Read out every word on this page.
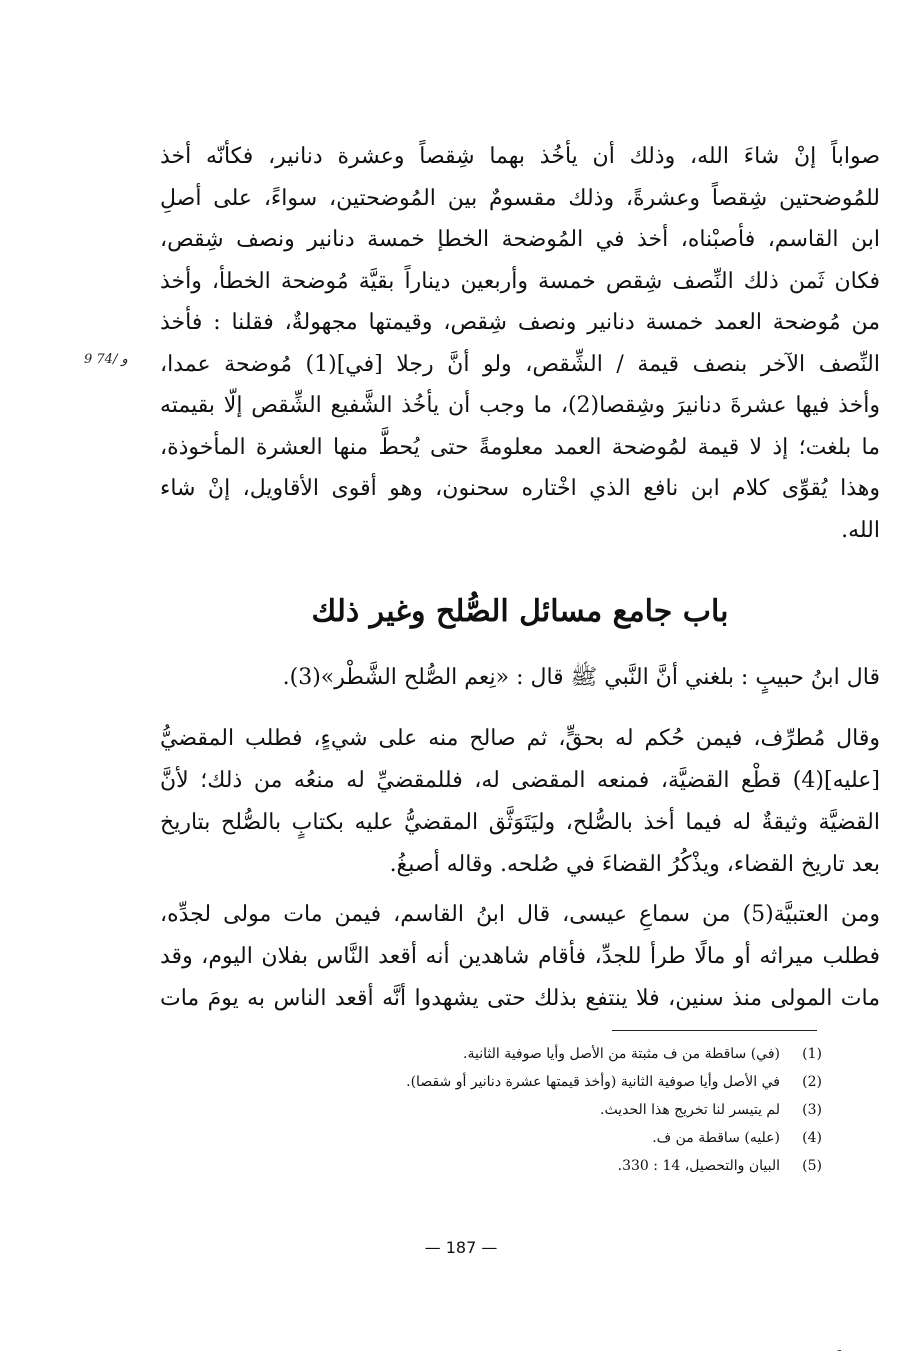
صواباً إنْ شاءَ الله، وذلك أن يأخُذ بهما شِقصاً وعشرة دنانير، فكأنّه أخذ
للمُوضحتين شِقصاً وعشرةً، وذلك مقسومٌ بين المُوضحتين، سواءً، على أصلِ
ابن القاسم، فأصبْناه، أخذ في المُوضحة الخطإ خمسة دنانير ونصف شِقص،
فكان ثَمن ذلك النِّصف شِقص خمسة وأربعين ديناراً بقيَّة مُوضحة الخطأ، وأخذ
من مُوضحة العمد خمسة دنانير ونصف شِقص، وقيمتها مجهولةٌ، فقلنا : فأخذ
النِّصف الآخر بنصف قيمة / الشِّقص، ولو أنَّ رجلا [في](1) مُوضحة عمدا،
وأخذ فيها عشرةَ دنانيرَ وشِقصا(2)، ما وجب أن يأخُذ الشَّفيع الشِّقص إلّا بقيمته
ما بلغت؛ إذ لا قيمة لمُوضحة العمد معلومةً حتى يُحطَّ منها العشرة المأخوذة،
وهذا يُقوِّى كلام ابن نافع الذي اخْتاره سحنون، وهو أقوى الأقاويل، إنْ شاء
الله.
9 74/ و
باب جامع مسائل الصُّلح وغير ذلك
قال ابنُ حبيبٍ : بلغني أنَّ النَّبي ﷺ قال : «نِعم الصُّلح الشَّطْر»(3).
وقال مُطرِّف، فيمن حُكم له بحقٍّ، ثم صالح منه على شيءٍ، فطلب المقضيُّ
[عليه](4) قطْع القضيَّة، فمنعه المقضى له، فللمقضيِّ له منعُه من ذلك؛ لأنَّ
القضيَّة وثيقةٌ له فيما أخذ بالصُّلح، وليَتَوَثَّق المقضيُّ عليه بكتابٍ بالصُّلح بتاريخ
بعد تاريخ القضاء، ويذْكُرُ القضاءَ في صُلحه. وقاله أصبغُ.
ومن العتبيَّة(5) من سماعِ عيسى، قال ابنُ القاسم، فيمن مات مولى لجدِّه،
فطلب ميراثه أو مالًا طرأ للجدِّ، فأقام شاهدين أنه أقعد النَّاس بفلان اليوم، وقد
مات المولى منذ سنين، فلا ينتفع بذلك حتى يشهدوا أنَّه أقعد الناس به يومَ مات
(1)
(في) ساقطة من ف مثبتة من الأصل وأيا صوفية الثانية.
(2)
في الأصل وأيا صوفية الثانية (وأخذ قيمتها عشرة دنانير أو شقصا).
(3)
لم يتيسر لنا تخريج هذا الحديث.
(4)
(عليه) ساقطة من ف.
(5)
البيان والتحصيل، 14 : 330.
— 187 —
ـ
